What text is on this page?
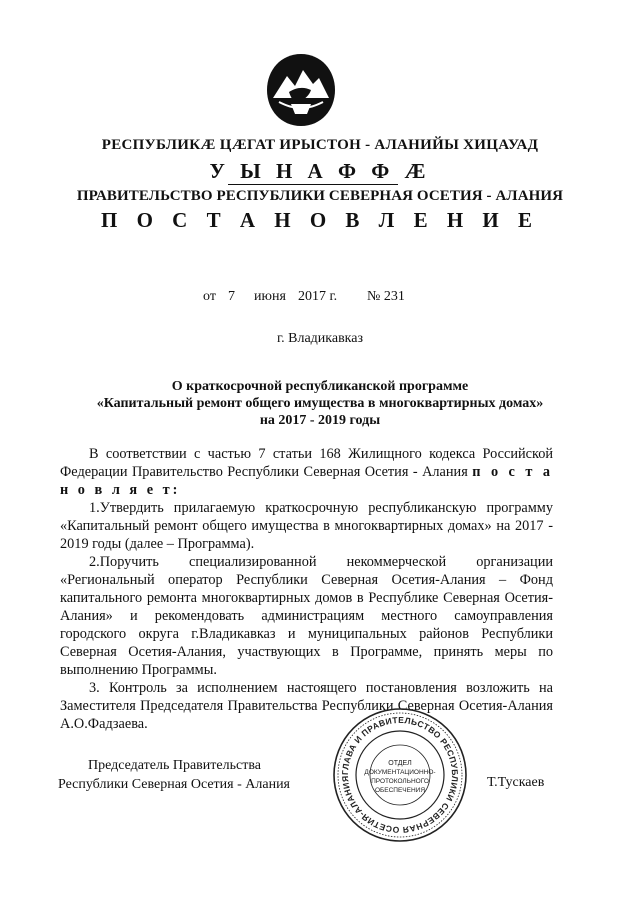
РЕСПУБЛИКÆ ЦÆГАТ ИРЫСТОН - АЛАНИЙЫ ХИЦАУАД
У Ы Н А Ф Ф Æ
ПРАВИТЕЛЬСТВО РЕСПУБЛИКИ СЕВЕРНАЯ ОСЕТИЯ - АЛАНИЯ
П О С Т А Н О В Л Е Н И Е
от 7 июня 2017 г. № 231
г. Владикавказ
О краткосрочной республиканской программе
«Капитальный ремонт общего имущества в многоквартирных домах»
на 2017 - 2019 годы

В соответствии с частью 7 статьи 168 Жилищного кодекса Российской Федерации Правительство Республики Северная Осетия - Алания п о с т а н о в л я е т:

1.Утвердить прилагаемую краткосрочную республиканскую программу «Капитальный ремонт общего имущества в многоквартирных домах» на 2017 - 2019 годы (далее – Программа).

2.Поручить специализированной некоммерческой организации «Региональный оператор Республики Северная Осетия-Алания – Фонд капитального ремонта многоквартирных домов в Республике Северная Осетия-Алания» и рекомендовать администрациям местного самоуправления городского округа г.Владикавказ и муниципальных районов Республики Северная Осетия-Алания, участвующих в Программе, принять меры по выполнению Программы.

3. Контроль за исполнением настоящего постановления возложить на Заместителя Председателя Правительства Республики Северная Осетия-Алания А.О.Фадзаева.

Председатель Правительства
Республики Северная Осетия - Алания
ГЛАВА И ПРАВИТЕЛЬСТВО РЕСПУБЛИКИ СЕВЕРНАЯ ОСЕТИЯ-АЛАНИЯ
ОТДЕЛ
ДОКУМЕНТАЦИОННО-
ПРОТОКОЛЬНОГО
ОБЕСПЕЧЕНИЯ
Т.Тускаев
